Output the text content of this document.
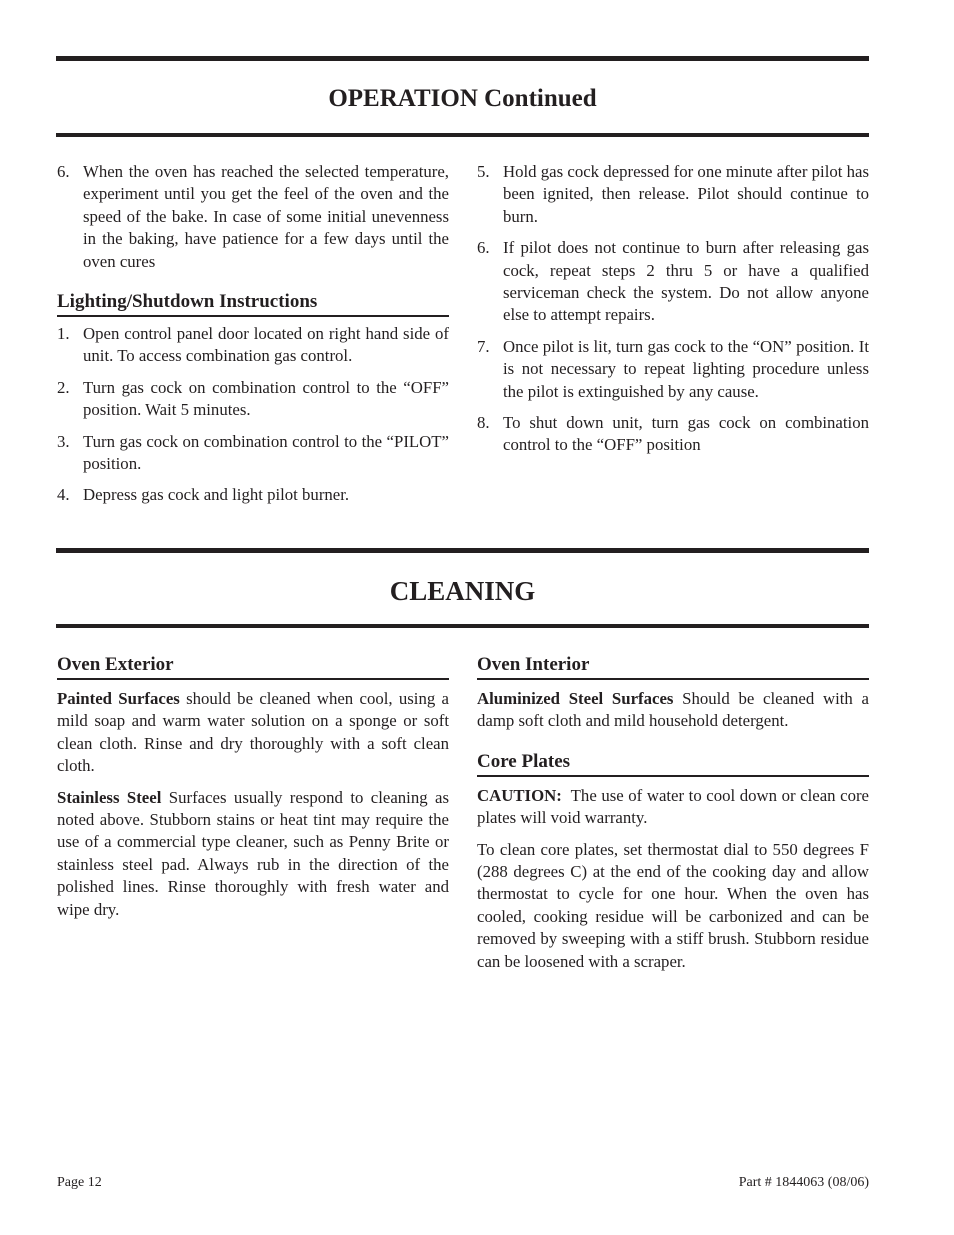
OPERATION Continued
6. When the oven has reached the selected temperature, experiment until you get the feel of the oven and the speed of the bake. In case of some initial unevenness in the baking, have patience for a few days until the oven cures
Lighting/Shutdown Instructions
1. Open control panel door located on right hand side of unit. To access combination gas control.
2. Turn gas cock on combination control to the “OFF” position. Wait 5 minutes.
3. Turn gas cock on combination control to the “PILOT” position.
4. Depress gas cock and light pilot burner.
5. Hold gas cock depressed for one minute after pilot has been ignited, then release. Pilot should continue to burn.
6. If pilot does not continue to burn after releasing gas cock, repeat steps 2 thru 5 or have a qualified serviceman check the system. Do not allow anyone else to attempt repairs.
7. Once pilot is lit, turn gas cock to the “ON” position. It is not necessary to repeat lighting procedure unless the pilot is extinguished by any cause.
8. To shut down unit, turn gas cock on combination control to the “OFF” position
CLEANING
Oven Exterior

Painted Surfaces should be cleaned when cool, using a mild soap and warm water solution on a sponge or soft clean cloth. Rinse and dry thoroughly with a soft clean cloth.

Stainless Steel Surfaces usually respond to cleaning as noted above. Stubborn stains or heat tint may require the use of a commercial type cleaner, such as Penny Brite or stainless steel pad. Always rub in the direction of the polished lines. Rinse thoroughly with fresh water and wipe dry.

Oven Interior

Aluminized Steel Surfaces Should be cleaned with a damp soft cloth and mild household detergent.

Core Plates

CAUTION:  The use of water to cool down or clean core plates will void warranty.

To clean core plates, set thermostat dial to 550 degrees F (288 degrees C) at the end of the cooking day and allow thermostat to cycle for one hour. When the oven has cooled, cooking residue will be carbonized and can be removed by sweeping with a stiff brush. Stubborn residue can be loosened with a scraper.

Page 12	Part # 1844063 (08/06)
